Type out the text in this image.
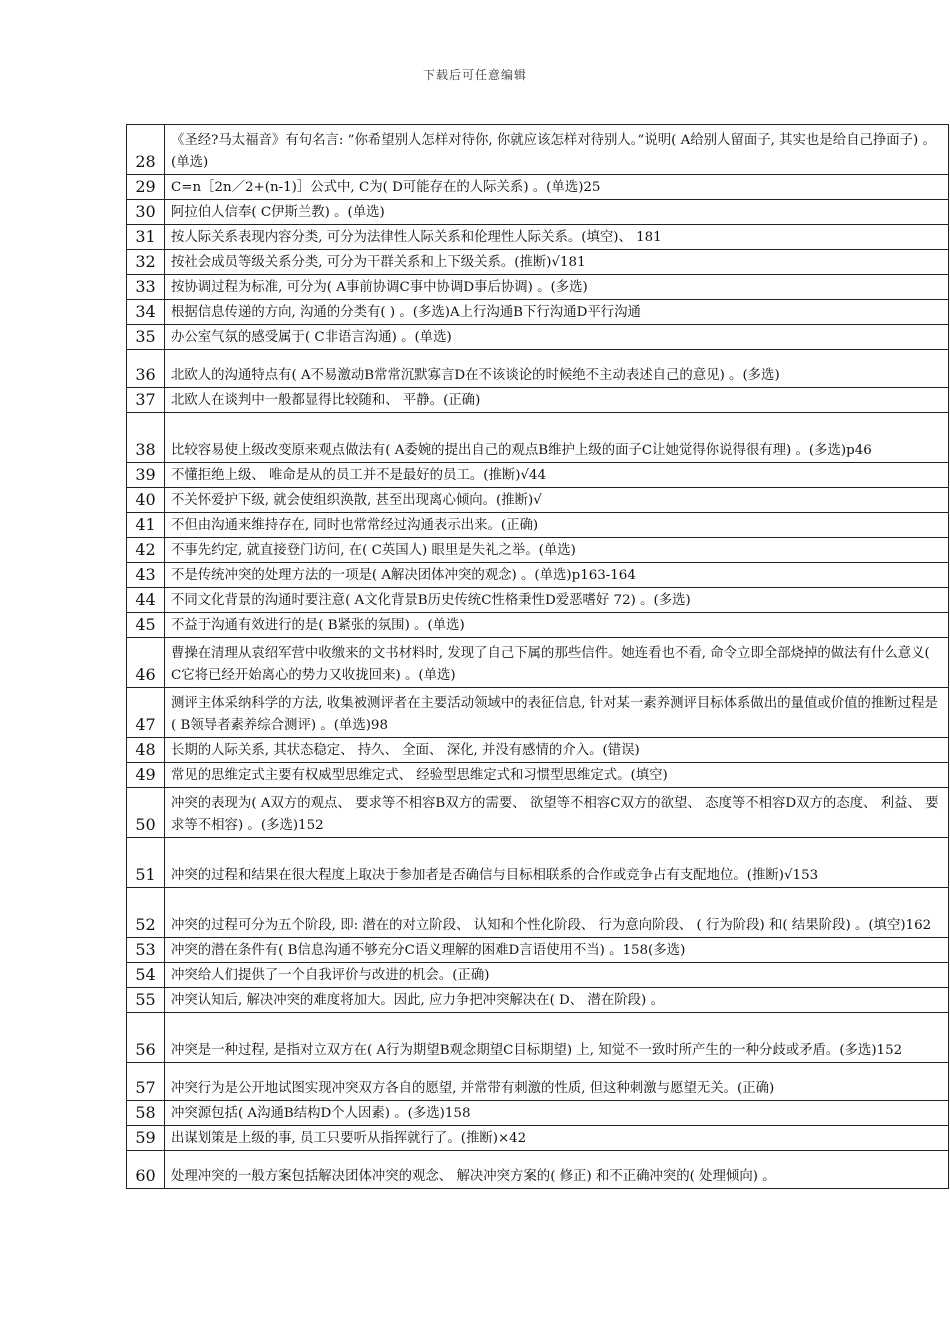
下载后可任意编辑
28	《圣经?马太福音》有句名言: ”你希望别人怎样对待你, 你就应该怎样对待别人。”说明( A给别人留面子, 其实也是给自己挣面子) 。(单选)
29	C=n［2n／2+(n-1)］公式中, C为( D可能存在的人际关系) 。(单选)25
30	阿拉伯人信奉( C伊斯兰教) 。(单选)
31	按人际关系表现内容分类, 可分为法律性人际关系和伦理性人际关系。(填空)、 181
32	按社会成员等级关系分类, 可分为干群关系和上下级关系。(推断)√181
33	按协调过程为标准, 可分为( A事前协调C事中协调D事后协调) 。(多选)
34	根据信息传递的方向, 沟通的分类有( ) 。(多选)A上行沟通B下行沟通D平行沟通
35	办公室气氛的感受属于( C非语言沟通) 。(单选)
36	北欧人的沟通特点有( A不易激动B常常沉默寡言D在不该谈论的时候绝不主动表述自己的意见) 。(多选)
37	北欧人在谈判中一般都显得比较随和、 平静。(正确)
38	比较容易使上级改变原来观点做法有( A委婉的提出自己的观点B维护上级的面子C让她觉得你说得很有理) 。(多选)p46
39	不懂拒绝上级、 唯命是从的员工并不是最好的员工。(推断)√44
40	不关怀爱护下级, 就会使组织涣散, 甚至出现离心倾向。(推断)√
41	不但由沟通来维持存在, 同时也常常经过沟通表示出来。(正确)
42	不事先约定, 就直接登门访问, 在( C英国人) 眼里是失礼之举。(单选)
43	不是传统冲突的处理方法的一项是( A解决团体冲突的观念) 。(单选)p163-164
44	不同文化背景的沟通时要注意( A文化背景B历史传统C性格秉性D爱恶嗜好 72) 。(多选)
45	不益于沟通有效进行的是( B紧张的氛围) 。(单选)
46	曹操在清理从袁绍军营中收缴来的文书材料时, 发现了自己下属的那些信件。她连看也不看, 命令立即全部烧掉的做法有什么意义( C它将已经开始离心的势力又收拢回来) 。(单选)
47	测评主体采纳科学的方法, 收集被测评者在主要活动领域中的表征信息, 针对某一素养测评目标体系做出的量值或价值的推断过程是( B领导者素养综合测评) 。(单选)98
48	长期的人际关系, 其状态稳定、 持久、 全面、 深化, 并没有感情的介入。(错误)
49	常见的思维定式主要有权威型思维定式、 经验型思维定式和习惯型思维定式。(填空)
50	冲突的表现为( A双方的观点、 要求等不相容B双方的需要、 欲望等不相容C双方的欲望、 态度等不相容D双方的态度、 利益、 要求等不相容) 。(多选)152
51	冲突的过程和结果在很大程度上取决于参加者是否确信与目标相联系的合作或竞争占有支配地位。(推断)√153
52	冲突的过程可分为五个阶段, 即: 潜在的对立阶段、 认知和个性化阶段、 行为意向阶段、 ( 行为阶段) 和( 结果阶段) 。(填空)162
53	冲突的潜在条件有( B信息沟通不够充分C语义理解的困难D言语使用不当) 。158(多选)
54	冲突给人们提供了一个自我评价与改进的机会。(正确)
55	冲突认知后, 解决冲突的难度将加大。因此, 应力争把冲突解决在( D、 潜在阶段) 。
56	冲突是一种过程, 是指对立双方在( A行为期望B观念期望C目标期望) 上, 知觉不一致时所产生的一种分歧或矛盾。(多选)152
57	冲突行为是公开地试图实现冲突双方各自的愿望, 并常带有刺激的性质, 但这种刺激与愿望无关。(正确)
58	冲突源包括( A沟通B结构D个人因素) 。(多选)158
59	出谋划策是上级的事, 员工只要听从指挥就行了。(推断)×42
60	处理冲突的一般方案包括解决团体冲突的观念、 解决冲突方案的( 修正) 和不正确冲突的( 处理倾向) 。
